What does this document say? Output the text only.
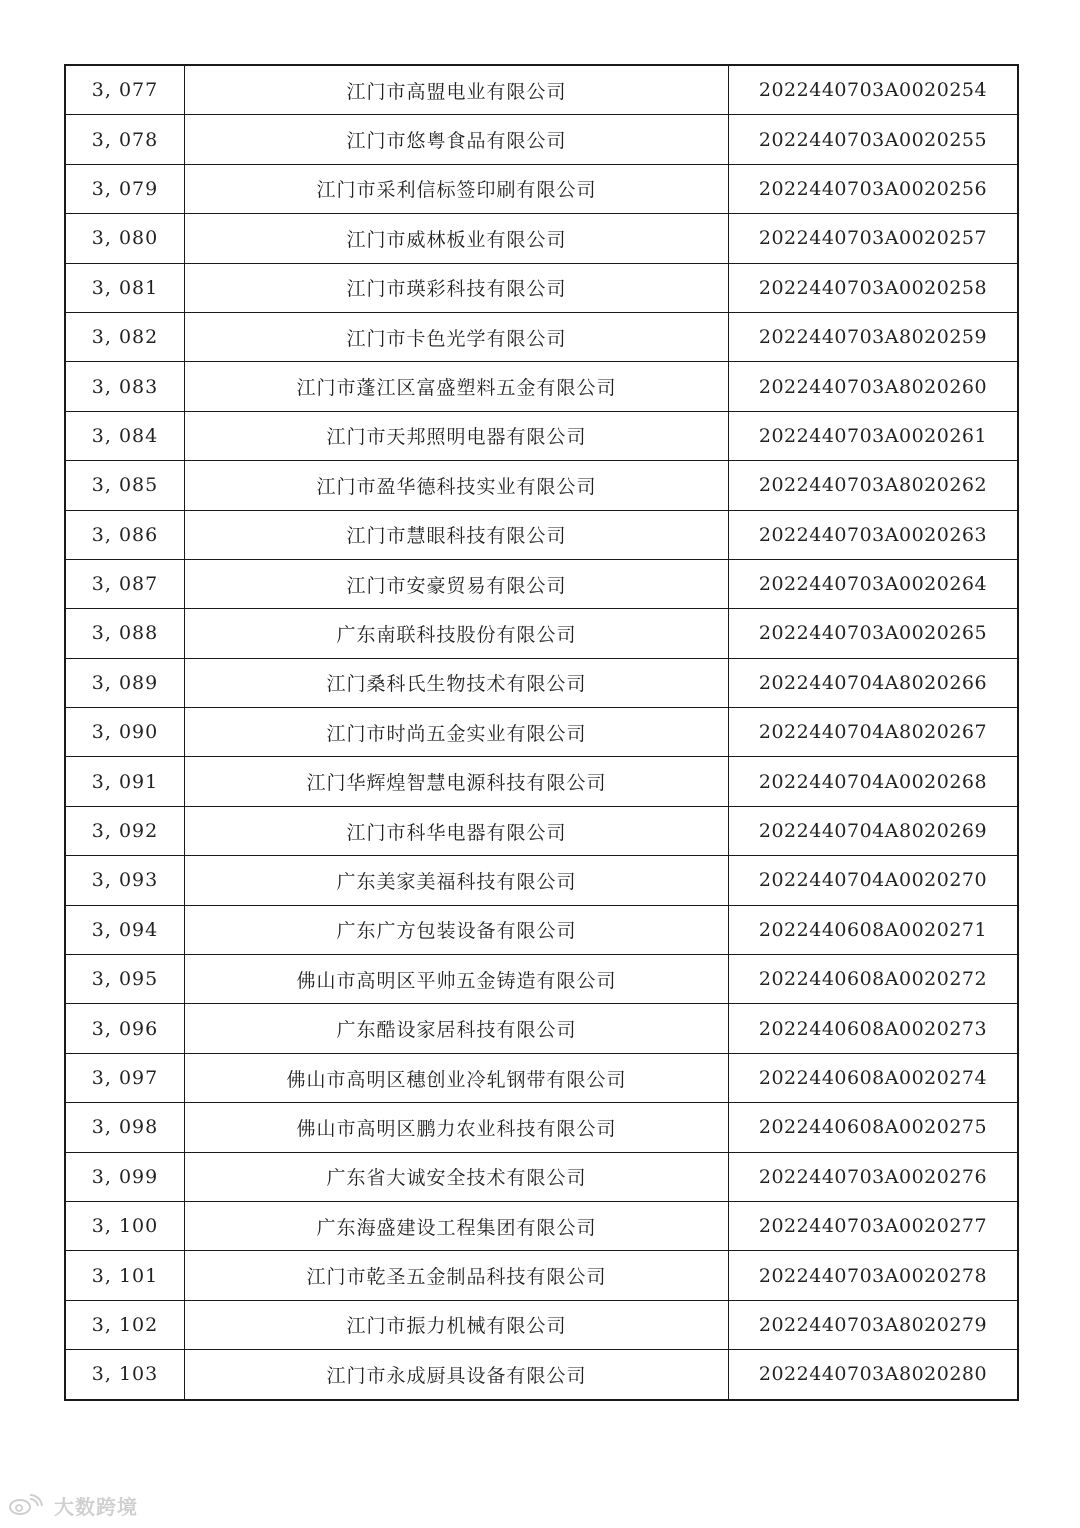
3, 077	江门市高盟电业有限公司	2022440703A0020254
3, 078	江门市悠粤食品有限公司	2022440703A0020255
3, 079	江门市采利信标签印刷有限公司	2022440703A0020256
3, 080	江门市威林板业有限公司	2022440703A0020257
3, 081	江门市瑛彩科技有限公司	2022440703A0020258
3, 082	江门市卡色光学有限公司	2022440703A8020259
3, 083	江门市蓬江区富盛塑料五金有限公司	2022440703A8020260
3, 084	江门市天邦照明电器有限公司	2022440703A0020261
3, 085	江门市盈华德科技实业有限公司	2022440703A8020262
3, 086	江门市慧眼科技有限公司	2022440703A0020263
3, 087	江门市安豪贸易有限公司	2022440703A0020264
3, 088	广东南联科技股份有限公司	2022440703A0020265
3, 089	江门桑科氏生物技术有限公司	2022440704A8020266
3, 090	江门市时尚五金实业有限公司	2022440704A8020267
3, 091	江门华辉煌智慧电源科技有限公司	2022440704A0020268
3, 092	江门市科华电器有限公司	2022440704A8020269
3, 093	广东美家美福科技有限公司	2022440704A0020270
3, 094	广东广方包装设备有限公司	2022440608A0020271
3, 095	佛山市高明区平帅五金铸造有限公司	2022440608A0020272
3, 096	广东酷设家居科技有限公司	2022440608A0020273
3, 097	佛山市高明区穗创业冷轧钢带有限公司	2022440608A0020274
3, 098	佛山市高明区鹏力农业科技有限公司	2022440608A0020275
3, 099	广东省大诚安全技术有限公司	2022440703A0020276
3, 100	广东海盛建设工程集团有限公司	2022440703A0020277
3, 101	江门市乾圣五金制品科技有限公司	2022440703A0020278
3, 102	江门市振力机械有限公司	2022440703A8020279
3, 103	江门市永成厨具设备有限公司	2022440703A8020280
大数跨境
